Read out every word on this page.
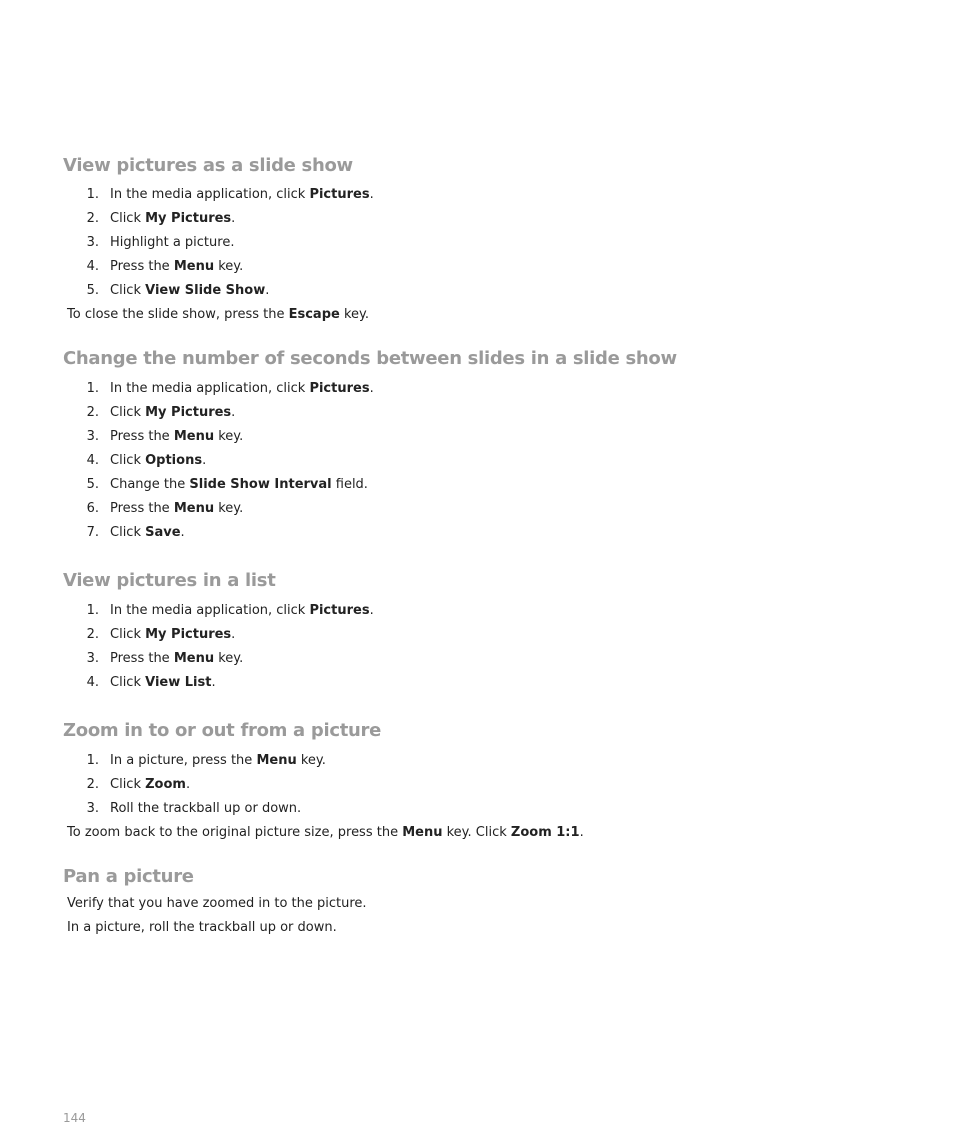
View pictures as a slide show
1. In the media application, click Pictures.
2. Click My Pictures.
3. Highlight a picture.
4. Press the Menu key.
5. Click View Slide Show.
To close the slide show, press the Escape key.
Change the number of seconds between slides in a slide show
1. In the media application, click Pictures.
2. Click My Pictures.
3. Press the Menu key.
4. Click Options.
5. Change the Slide Show Interval field.
6. Press the Menu key.
7. Click Save.
View pictures in a list
1. In the media application, click Pictures.
2. Click My Pictures.
3. Press the Menu key.
4. Click View List.
Zoom in to or out from a picture
1. In a picture, press the Menu key.
2. Click Zoom.
3. Roll the trackball up or down.
To zoom back to the original picture size, press the Menu key. Click Zoom 1:1.
Pan a picture
Verify that you have zoomed in to the picture.
In a picture, roll the trackball up or down.
144
